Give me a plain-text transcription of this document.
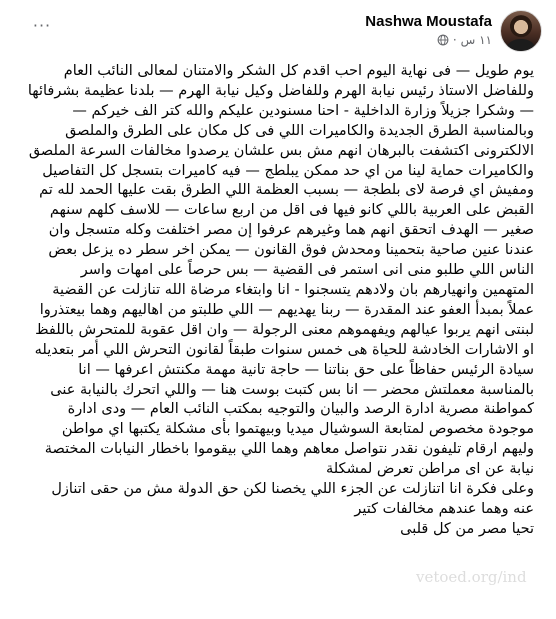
···	Nashwa Moustafa
· ١١ س

يوم طويل — فى نهاية اليوم احب اقدم كل الشكر والامتنان لمعالى النائب العام وللفاضل الاستاذ رئيس نيابة الهرم وللفاضل وكيل نيابة الهرم — بلدنا عظيمة بشرفائها — وشكرا جزيلاً وزارة الداخلية - احنا مسنودين عليكم والله كتر الف خيركم — وبالمناسبة الطرق الجديدة والكاميرات اللي فى كل مكان على الطرق والملصق الالكترونى اكتشفت بالبرهان انهم مش بس علشان يرصدوا مخالفات السرعة الملصق والكاميرات حماية لينا من اي حد ممكن يبلطج — فيه كاميرات بتسجل كل التفاصيل ومفيش اي فرصة لاى بلطجة — بسبب العظمة اللي الطرق بقت عليها الحمد لله تم القبض على العربية باللي كانو فيها فى اقل من اربع ساعات — للاسف كلهم سنهم صغير — الهدف اتحقق انهم هما وغيرهم عرفوا إن مصر اختلفت وكله متسجل وان عندنا عنين صاحية بتحمينا ومحدش فوق القانون — يمكن اخر سطر ده يزعل بعض الناس اللي طلبو منى انى استمر فى القضية — بس حرصاً على امهات واسر المتهمين وانهيارهم بان ولادهم يتسجنوا - انا وابتغاء مرضاة الله تنازلت عن القضية عملاً بمبدأ العفو عند المقدرة — ربنا يهديهم — اللي طلبتو من اهاليهم وهما بيعتذروا لبنتى انهم يربوا عيالهم ويفهموهم معنى الرجولة — وان اقل عقوبة للمتحرش باللفظ او الاشارات الخادشة للحياة هى خمس سنوات طبقاً لقانون التحرش اللي أمر بتعديله سيادة الرئيس حفاظاً على حق بناتنا — حاجة تانية مهمة مكنتش اعرفها — انا بالمناسبة معملتش محضر — انا بس كتبت بوست هنا — واللي اتحرك بالنيابة عنى كمواطنة مصرية ادارة الرصد والبيان والتوجيه بمكتب النائب العام — ودى ادارة موجودة مخصوص لمتابعة السوشيال ميديا وبيهتموا بأى مشكلة يكتبها اي مواطن وليهم ارقام تليفون نقدر نتواصل معاهم وهما اللي بيقوموا باخطار النيابات المختصة نيابة عن اى مراطن تعرض لمشكلة

وعلى فكرة انا اتنازلت عن الجزء اللي يخصنا لكن حق الدولة مش من حقى اتنازل عنه وهما عندهم مخالفات كتير

تحيا مصر من كل قلبى

vetoed.org/ind
